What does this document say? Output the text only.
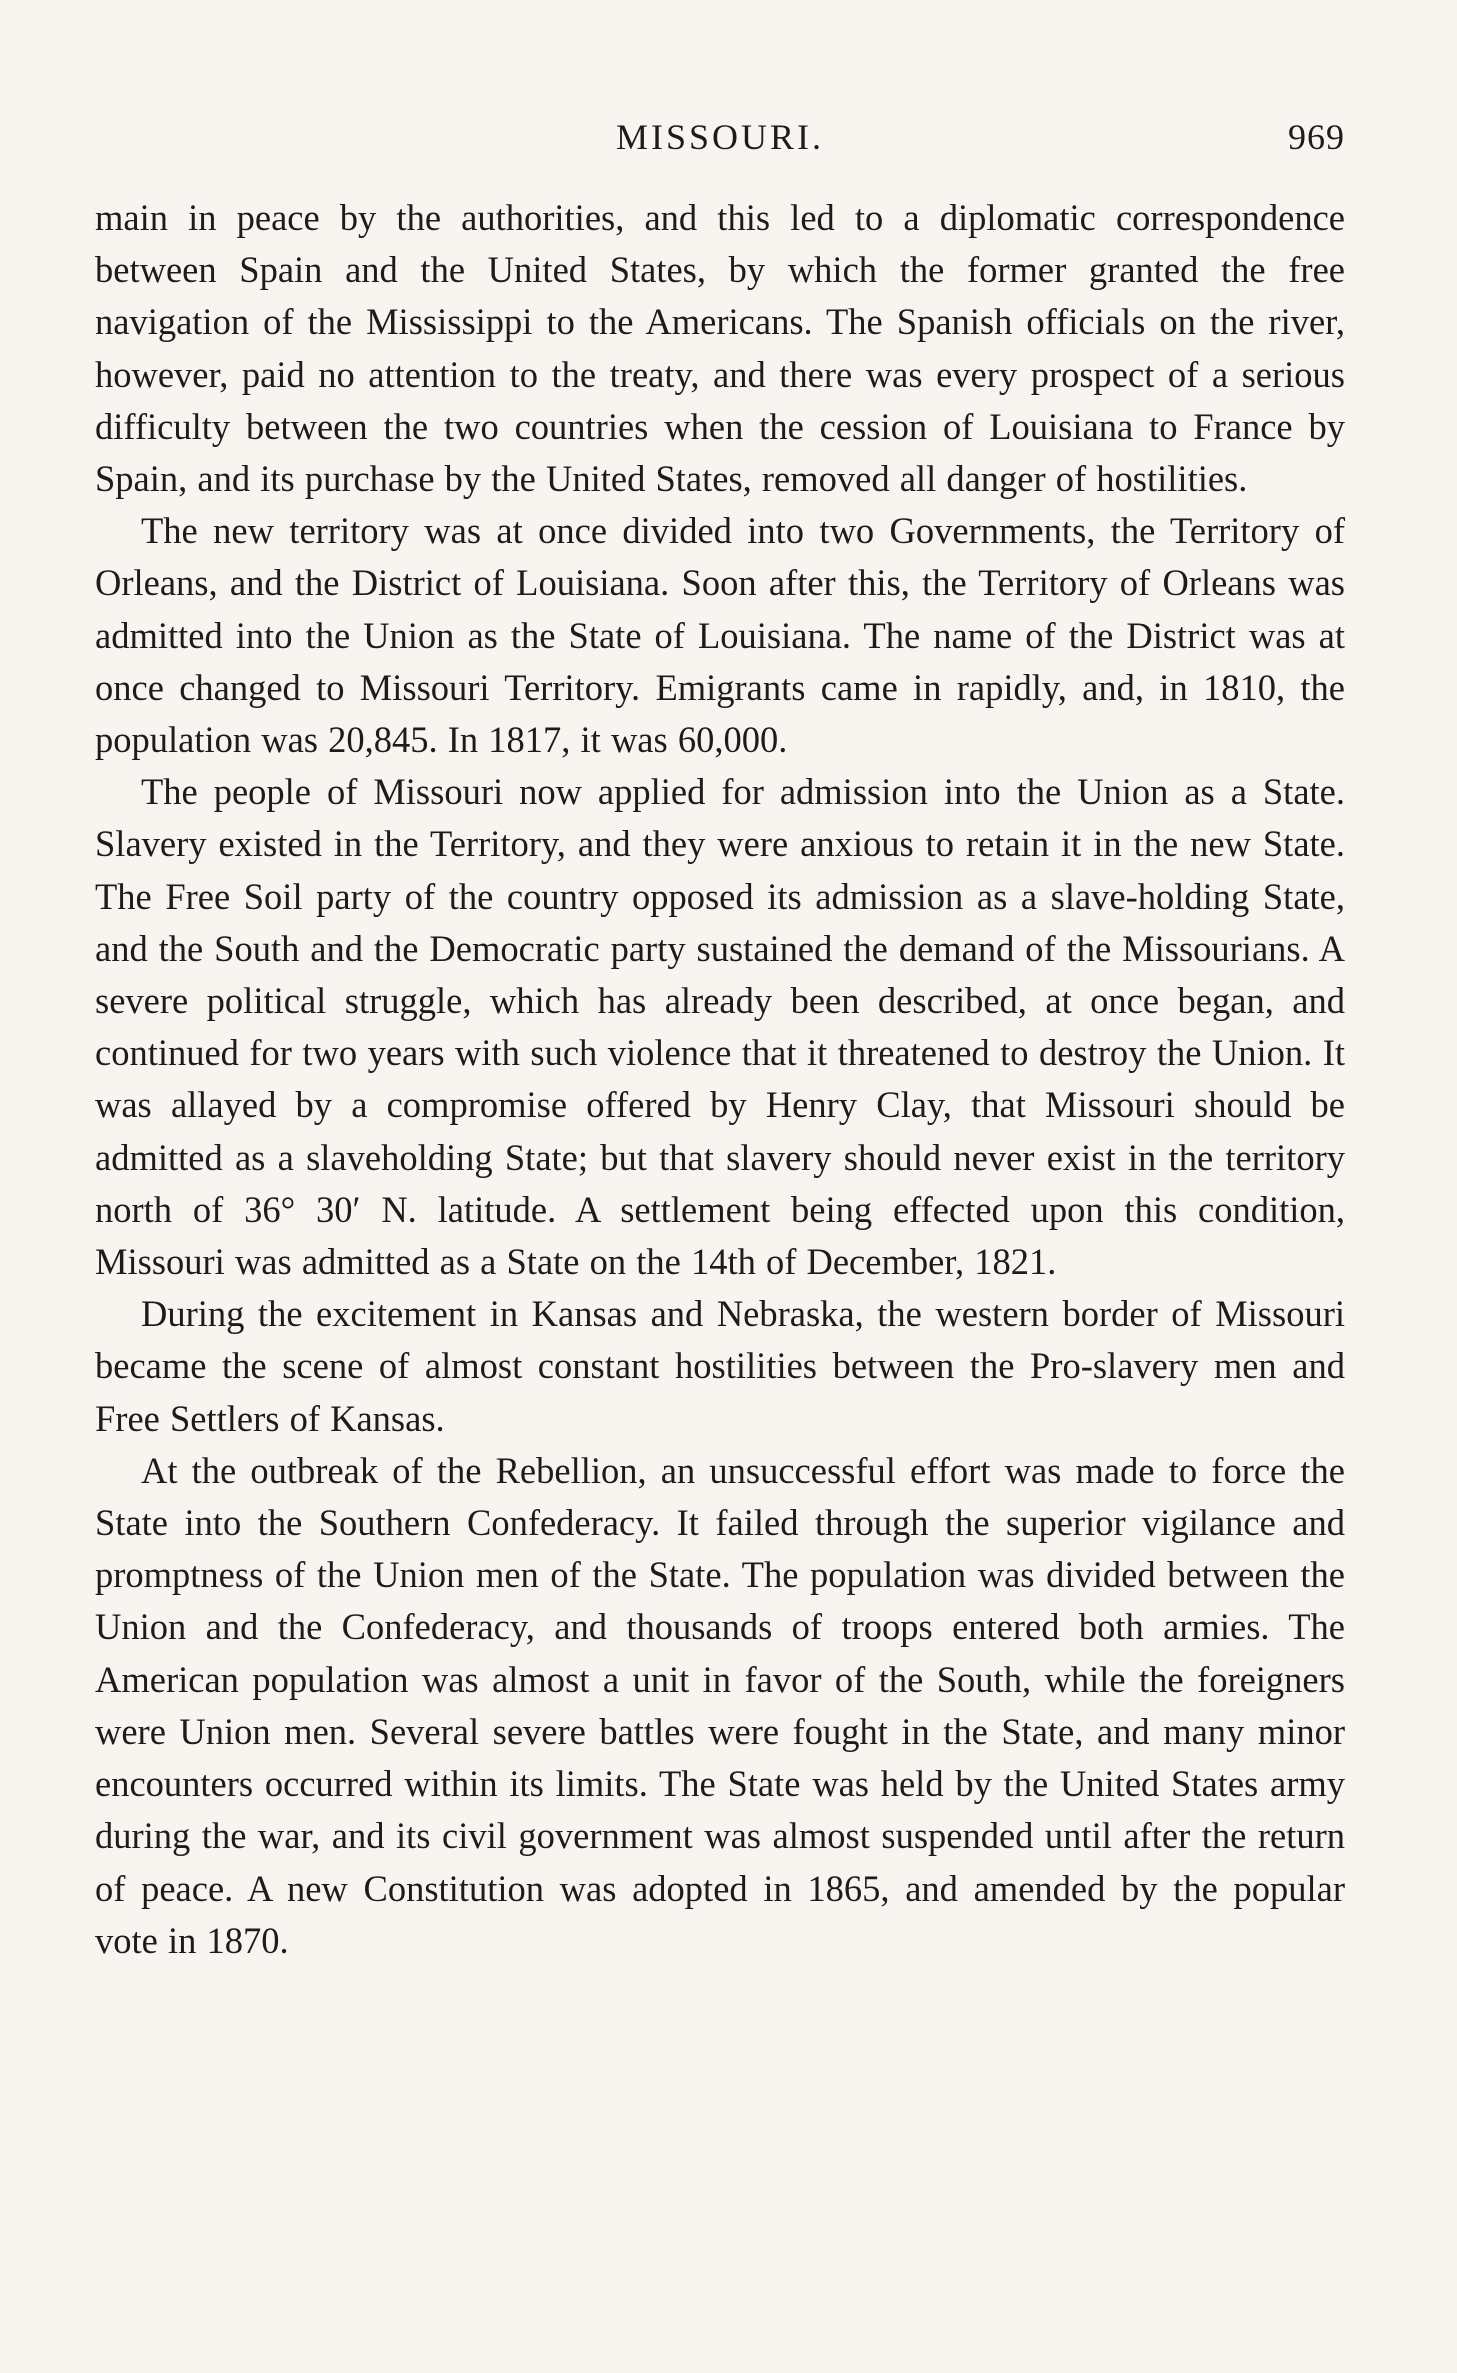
MISSOURI.	969

main in peace by the authorities, and this led to a diplomatic correspondence between Spain and the United States, by which the former granted the free navigation of the Mississippi to the Americans. The Spanish officials on the river, however, paid no attention to the treaty, and there was every prospect of a serious difficulty between the two countries when the cession of Louisiana to France by Spain, and its purchase by the United States, removed all danger of hostilities.

The new territory was at once divided into two Governments, the Territory of Orleans, and the District of Louisiana. Soon after this, the Territory of Orleans was admitted into the Union as the State of Louisiana. The name of the District was at once changed to Missouri Territory. Emigrants came in rapidly, and, in 1810, the population was 20,845. In 1817, it was 60,000.

The people of Missouri now applied for admission into the Union as a State. Slavery existed in the Territory, and they were anxious to retain it in the new State. The Free Soil party of the country opposed its admission as a slave-holding State, and the South and the Democratic party sustained the demand of the Missourians. A severe political struggle, which has already been described, at once began, and continued for two years with such violence that it threatened to destroy the Union. It was allayed by a compromise offered by Henry Clay, that Missouri should be admitted as a slaveholding State; but that slavery should never exist in the territory north of 36° 30′ N. latitude. A settlement being effected upon this condition, Missouri was admitted as a State on the 14th of December, 1821.

During the excitement in Kansas and Nebraska, the western border of Missouri became the scene of almost constant hostilities between the Pro-slavery men and Free Settlers of Kansas.

At the outbreak of the Rebellion, an unsuccessful effort was made to force the State into the Southern Confederacy. It failed through the superior vigilance and promptness of the Union men of the State. The population was divided between the Union and the Confederacy, and thousands of troops entered both armies. The American population was almost a unit in favor of the South, while the foreigners were Union men. Several severe battles were fought in the State, and many minor encounters occurred within its limits. The State was held by the United States army during the war, and its civil government was almost suspended until after the return of peace. A new Constitution was adopted in 1865, and amended by the popular vote in 1870.
